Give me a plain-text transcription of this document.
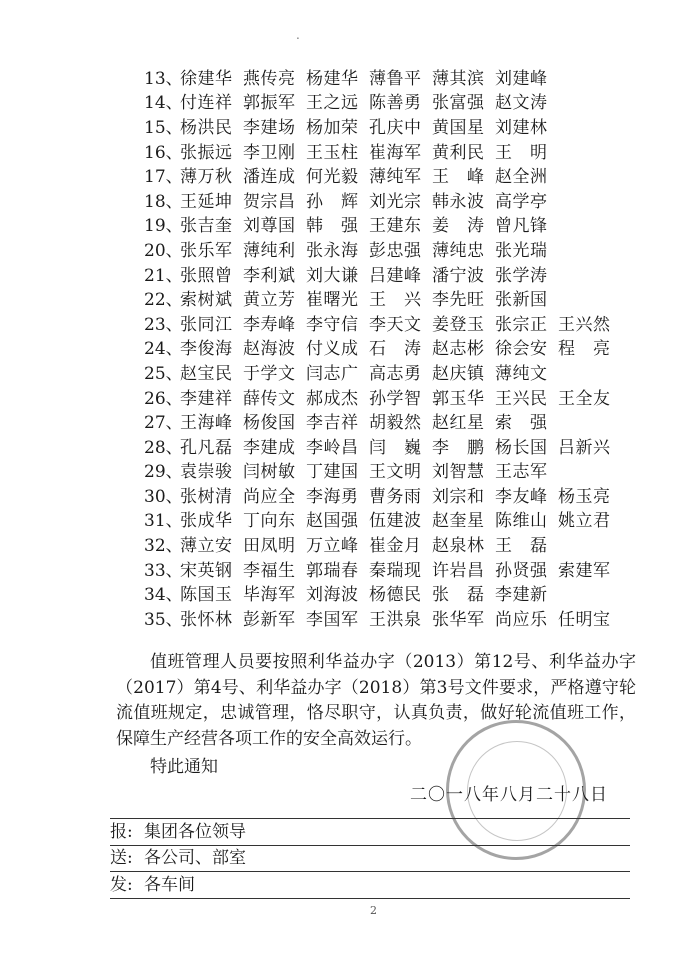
.
13、
徐建华 燕传亮 杨建华 薄鲁平 薄其滨 刘建峰
14、
付连祥 郭振军 王之远 陈善勇 张富强 赵文涛
15、
杨洪民 李建场 杨加荣 孔庆中 黄国星 刘建林
16、
张振远 李卫刚 王玉柱 崔海军 黄利民 王　明
17、
薄万秋 潘连成 何光毅 薄纯军 王　峰 赵全洲
18、
王延坤 贺宗昌 孙　辉 刘光宗 韩永波 高学亭
19、
张吉奎 刘尊国 韩　强 王建东 姜　涛 曾凡锋
20、
张乐军 薄纯利 张永海 彭忠强 薄纯忠 张光瑞
21、
张照曾 李利斌 刘大谦 吕建峰 潘宁波 张学涛
22、
索树斌 黄立芳 崔曙光 王　兴 李先旺 张新国
23、
张同江 李寿峰 李守信 李天文 姜登玉 张宗正 王兴然
24、
李俊海 赵海波 付义成 石　涛 赵志彬 徐会安 程　亮
25、
赵宝民 于学文 闫志广 高志勇 赵庆镇 薄纯文
26、
李建祥 薛传文 郝成杰 孙学智 郭玉华 王兴民 王全友
27、
王海峰 杨俊国 李吉祥 胡毅然 赵红星 索　强
28、
孔凡磊 李建成 李岭昌 闫　巍 李　鹏 杨长国 吕新兴
29、
袁崇骏 闫树敏 丁建国 王文明 刘智慧 王志军
30、
张树清 尚应全 李海勇 曹务雨 刘宗和 李友峰 杨玉亮
31、
张成华 丁向东 赵国强 伍建波 赵奎星 陈维山 姚立君
32、
薄立安 田凤明 万立峰 崔金月 赵泉林 王　磊
33、
宋英钢 李福生 郭瑞春 秦瑞现 许岩昌 孙贤强 索建军
34、
陈国玉 毕海军 刘海波 杨德民 张　磊 李建新
35、
张怀林 彭新军 李国军 王洪泉 张华军 尚应乐 任明宝
值班管理人员要按照利华益办字（2013）第12号、利华益办字（2017）第4号、利华益办字（2018）第3号文件要求，严格遵守轮流值班规定，忠诚管理，恪尽职守，认真负责，做好轮流值班工作，保障生产经营各项工作的安全高效运行。
特此通知
二〇一八年八月二十八日
报: 集团各位领导
送: 各公司、部室
发: 各车间
2
